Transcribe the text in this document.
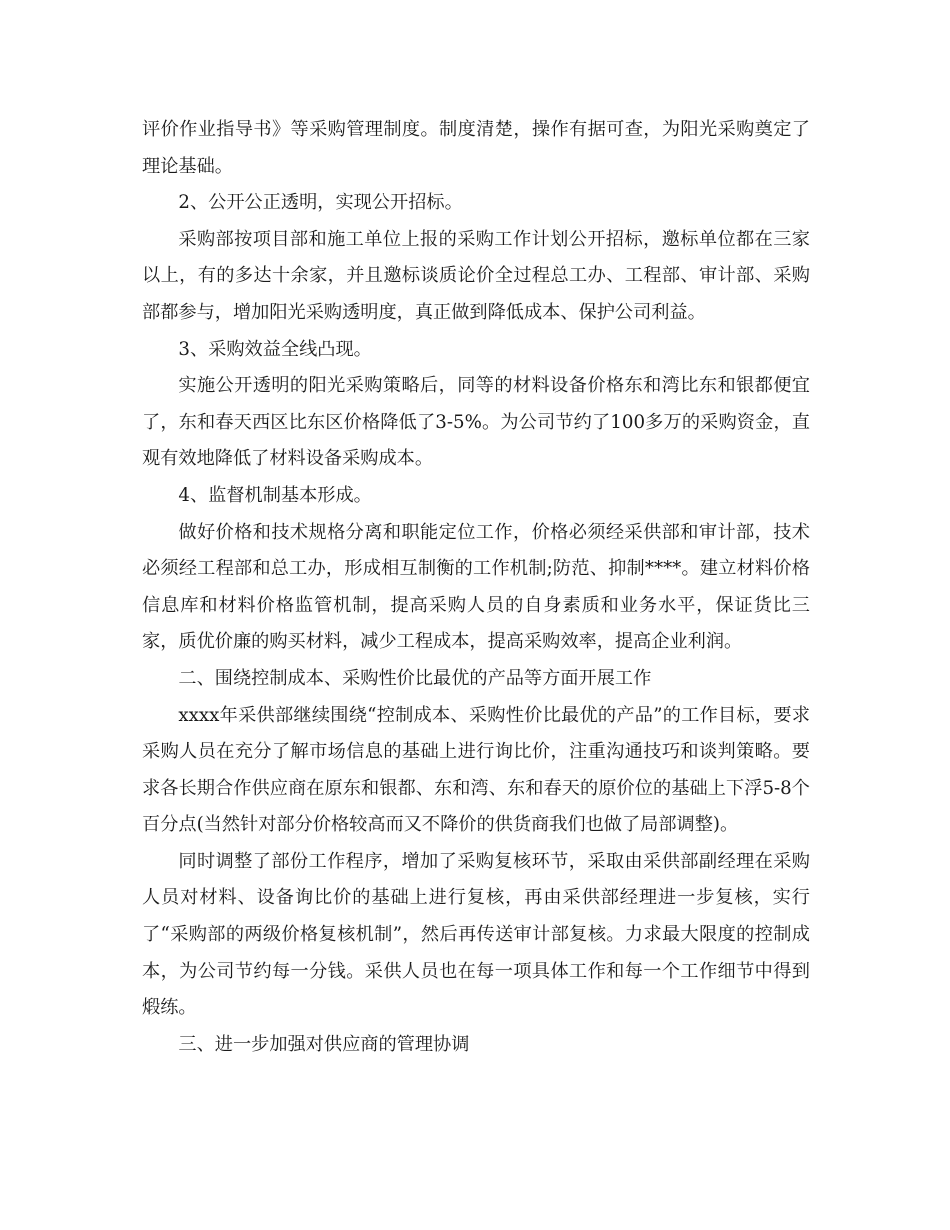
评价作业指导书》等采购管理制度。制度清楚，操作有据可查，为阳光采购奠定了理论基础。

2、公开公正透明，实现公开招标。

采购部按项目部和施工单位上报的采购工作计划公开招标，邀标单位都在三家以上，有的多达十余家，并且邀标谈质论价全过程总工办、工程部、审计部、采购部都参与，增加阳光采购透明度，真正做到降低成本、保护公司利益。

3、采购效益全线凸现。

实施公开透明的阳光采购策略后，同等的材料设备价格东和湾比东和银都便宜了，东和春天西区比东区价格降低了3-5%。为公司节约了100多万的采购资金，直观有效地降低了材料设备采购成本。

4、监督机制基本形成。

做好价格和技术规格分离和职能定位工作，价格必须经采供部和审计部，技术必须经工程部和总工办，形成相互制衡的工作机制;防范、抑制****。建立材料价格信息库和材料价格监管机制，提高采购人员的自身素质和业务水平，保证货比三家，质优价廉的购买材料，减少工程成本，提高采购效率，提高企业利润。

二、围绕控制成本、采购性价比最优的产品等方面开展工作

xxxx年采供部继续围绕“控制成本、采购性价比最优的产品”的工作目标，要求采购人员在充分了解市场信息的基础上进行询比价，注重沟通技巧和谈判策略。要求各长期合作供应商在原东和银都、东和湾、东和春天的原价位的基础上下浮5-8个百分点(当然针对部分价格较高而又不降价的供货商我们也做了局部调整)。

同时调整了部份工作程序，增加了采购复核环节，采取由采供部副经理在采购人员对材料、设备询比价的基础上进行复核，再由采供部经理进一步复核，实行了“采购部的两级价格复核机制”，然后再传送审计部复核。力求最大限度的控制成本，为公司节约每一分钱。采供人员也在每一项具体工作和每一个工作细节中得到煅练。

三、进一步加强对供应商的管理协调
